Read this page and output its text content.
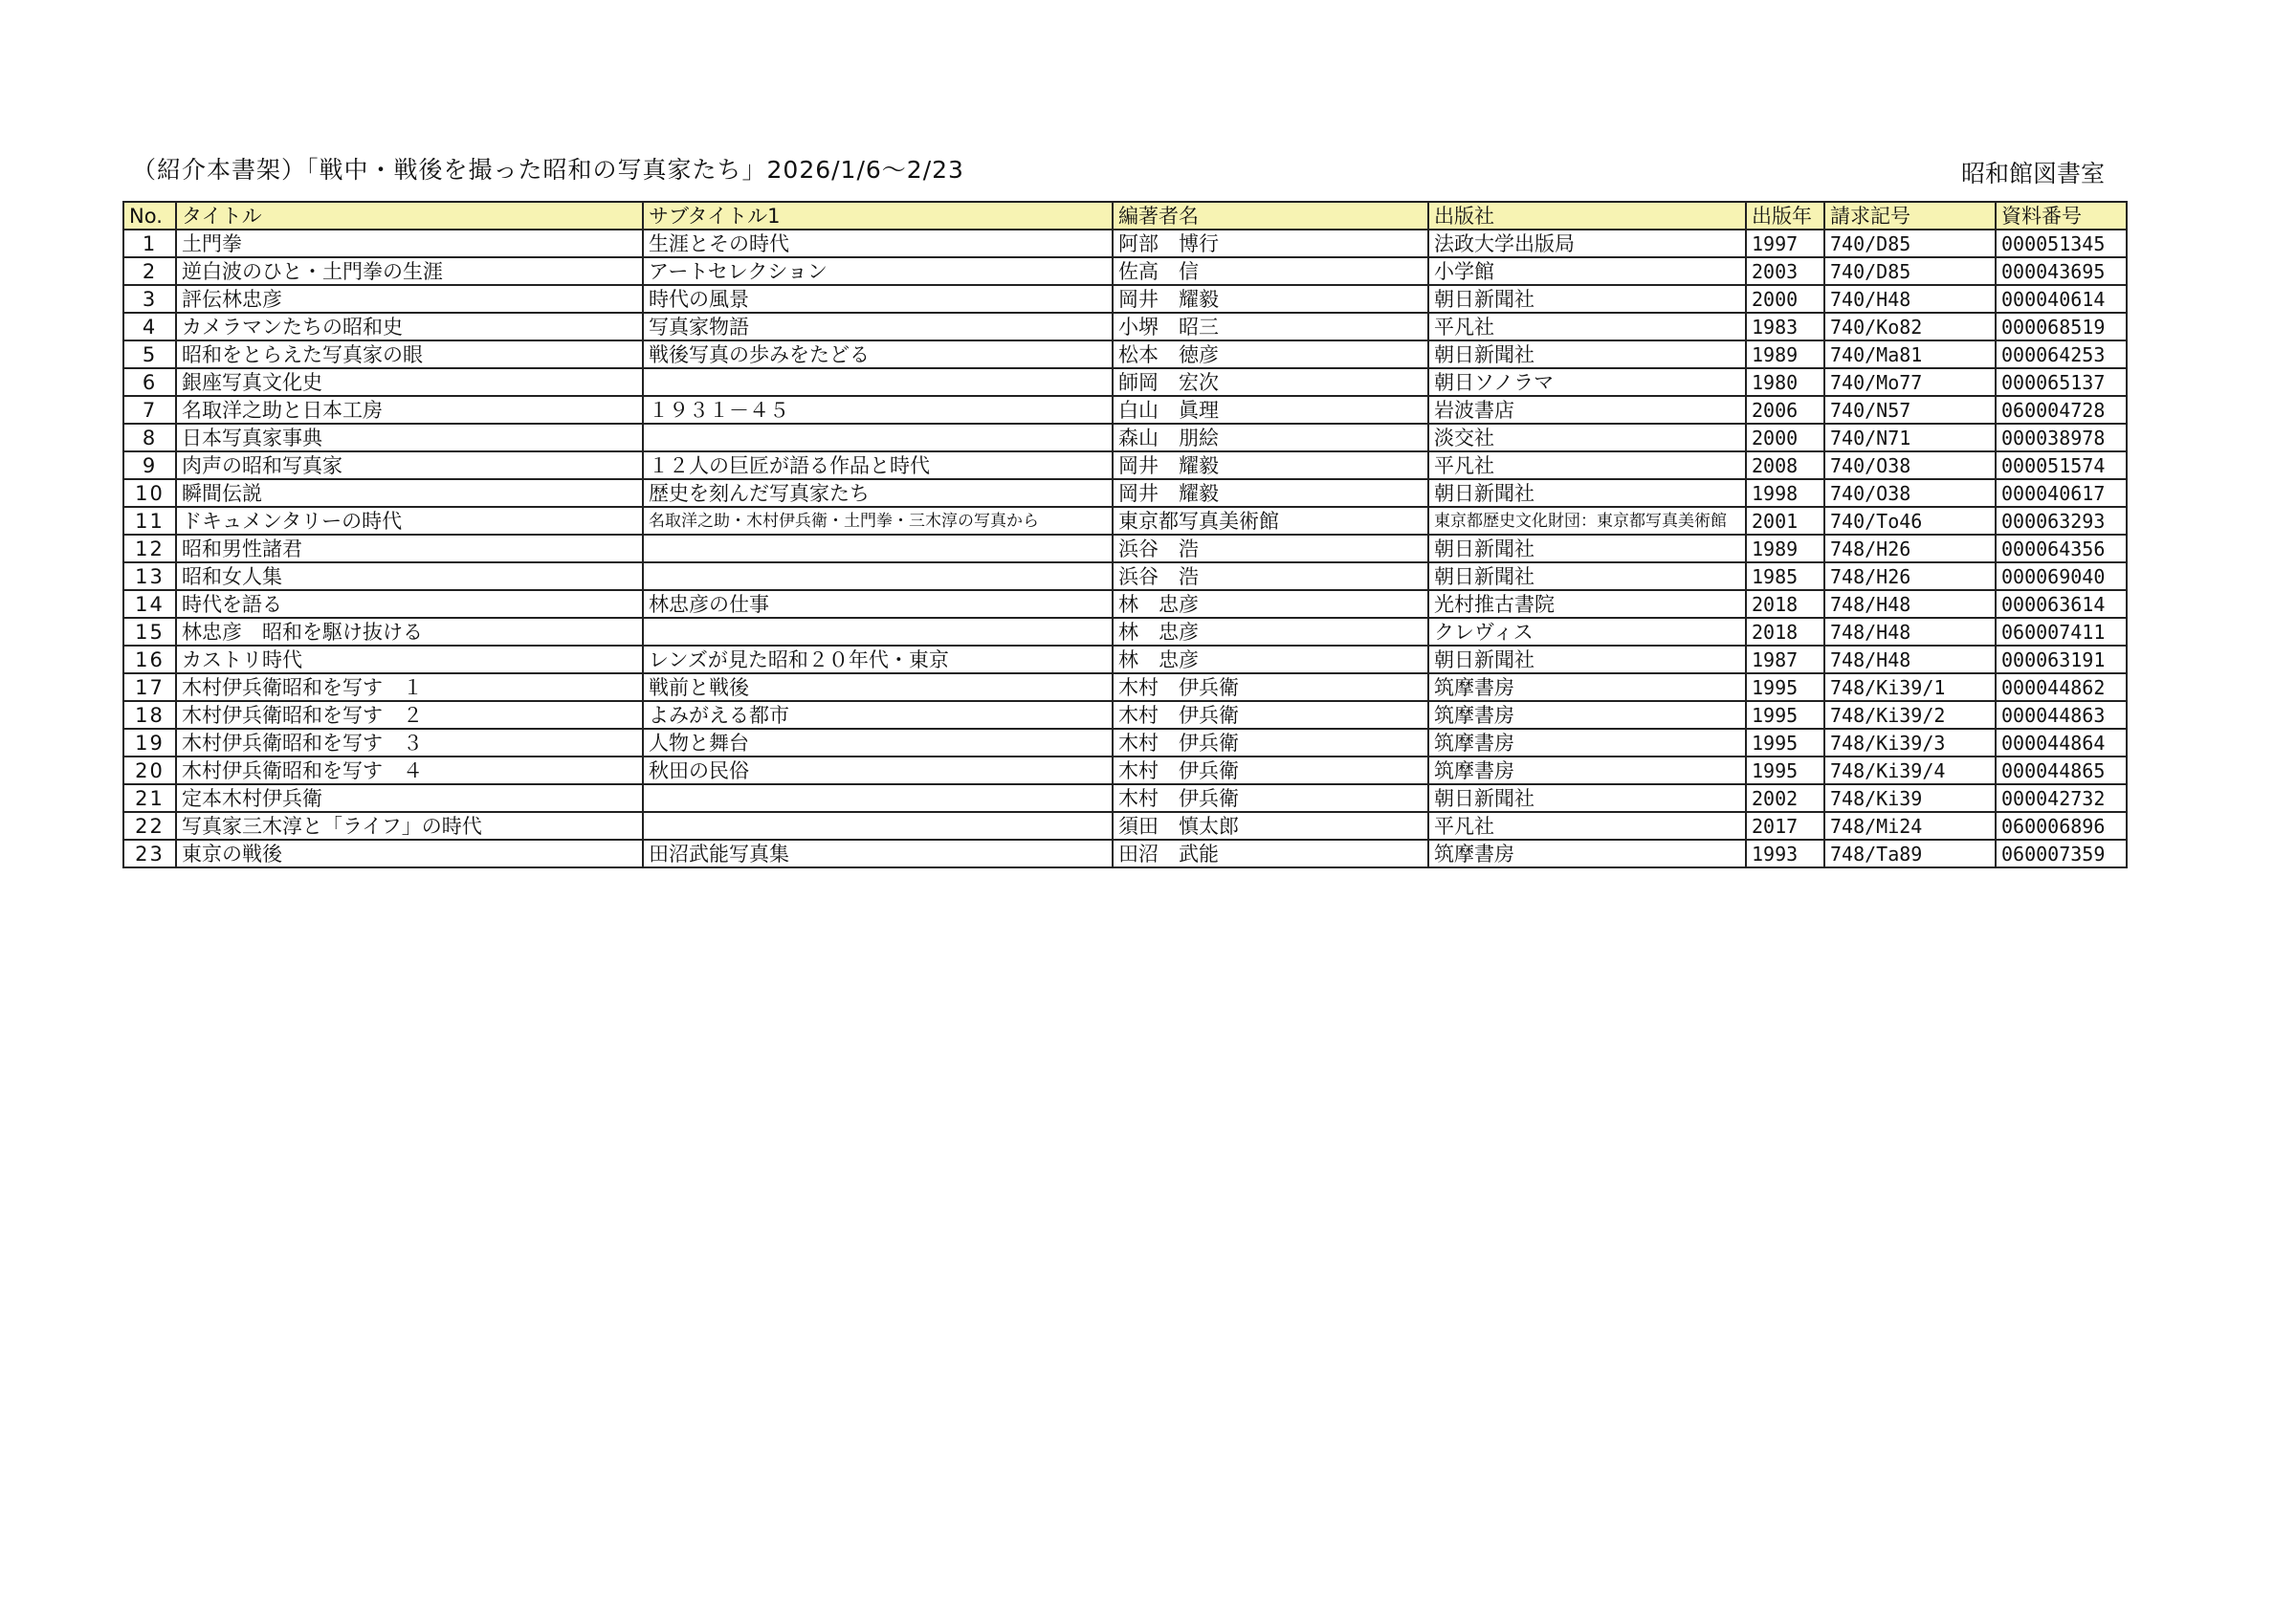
（紹介本書架）「戦中・戦後を撮った昭和の写真家たち」2026/1/6～2/23	昭和館図書室
No.	タイトル	サブタイトル1	編著者名	出版社	出版年	請求記号	資料番号
1	土門拳	生涯とその時代	阿部　博行	法政大学出版局	1997	740/D85	000051345
2	逆白波のひと・土門拳の生涯	アートセレクション	佐高　信	小学館	2003	740/D85	000043695
3	評伝林忠彦	時代の風景	岡井　耀毅	朝日新聞社	2000	740/H48	000040614
4	カメラマンたちの昭和史	写真家物語	小堺　昭三	平凡社	1983	740/Ko82	000068519
5	昭和をとらえた写真家の眼	戦後写真の歩みをたどる	松本　徳彦	朝日新聞社	1989	740/Ma81	000064253
6	銀座写真文化史		師岡　宏次	朝日ソノラマ	1980	740/Mo77	000065137
7	名取洋之助と日本工房	１９３１－４５	白山　眞理	岩波書店	2006	740/N57	060004728
8	日本写真家事典		森山　朋絵	淡交社	2000	740/N71	000038978
9	肉声の昭和写真家	１２人の巨匠が語る作品と時代	岡井　耀毅	平凡社	2008	740/O38	000051574
10	瞬間伝説	歴史を刻んだ写真家たち	岡井　耀毅	朝日新聞社	1998	740/O38	000040617
11	ドキュメンタリーの時代	名取洋之助・木村伊兵衛・土門拳・三木淳の写真から	東京都写真美術館	東京都歴史文化財団：東京都写真美術館	2001	740/To46	000063293
12	昭和男性諸君		浜谷　浩	朝日新聞社	1989	748/H26	000064356
13	昭和女人集		浜谷　浩	朝日新聞社	1985	748/H26	000069040
14	時代を語る	林忠彦の仕事	林　忠彦	光村推古書院	2018	748/H48	000063614
15	林忠彦　昭和を駆け抜ける		林　忠彦	クレヴィス	2018	748/H48	060007411
16	カストリ時代	レンズが見た昭和２０年代・東京	林　忠彦	朝日新聞社	1987	748/H48	000063191
17	木村伊兵衛昭和を写す　１	戦前と戦後	木村　伊兵衛	筑摩書房	1995	748/Ki39/1	000044862
18	木村伊兵衛昭和を写す　２	よみがえる都市	木村　伊兵衛	筑摩書房	1995	748/Ki39/2	000044863
19	木村伊兵衛昭和を写す　３	人物と舞台	木村　伊兵衛	筑摩書房	1995	748/Ki39/3	000044864
20	木村伊兵衛昭和を写す　４	秋田の民俗	木村　伊兵衛	筑摩書房	1995	748/Ki39/4	000044865
21	定本木村伊兵衛		木村　伊兵衛	朝日新聞社	2002	748/Ki39	000042732
22	写真家三木淳と「ライフ」の時代		須田　慎太郎	平凡社	2017	748/Mi24	060006896
23	東京の戦後	田沼武能写真集	田沼　武能	筑摩書房	1993	748/Ta89	060007359
